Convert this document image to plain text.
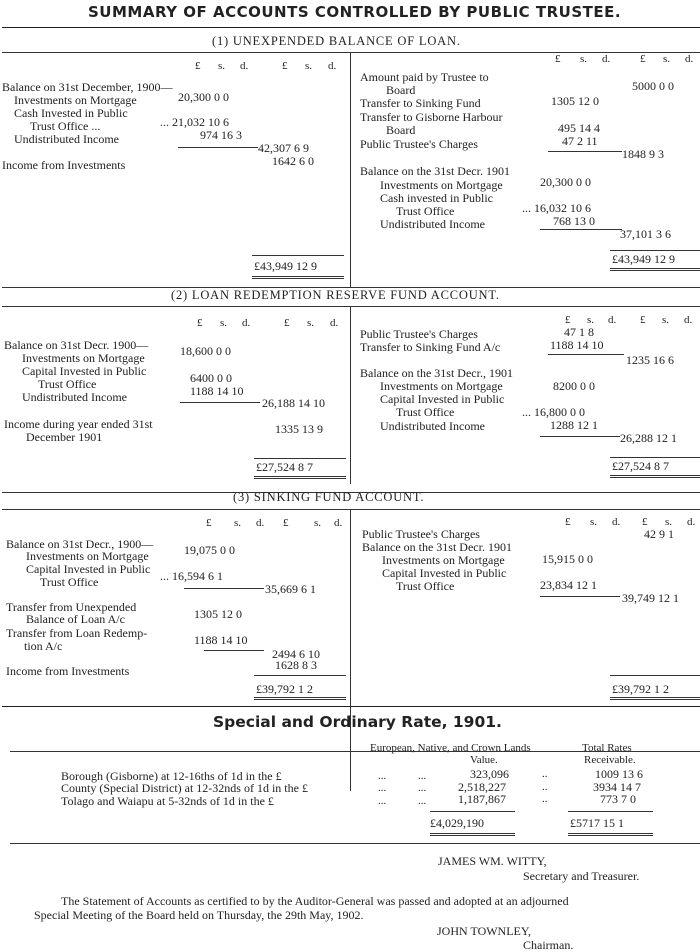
SUMMARY OF ACCOUNTS CONTROLLED BY PUBLIC TRUSTEE.
(1) UNEXPENDED BALANCE OF LOAN.
£ s. d.	£ s. d.
Balance on 31st December, 1900—
Investments on Mortgage	20,300 0 0
Cash Invested in Public
Trust Office ...	... 21,032 10 6
Undistributed Income	974 16 3
42,307 6 9
Income from Investments	1642 6 0
£43,949 12 9
£ s. d.	£ s. d.
Amount paid by Trustee to
Board	5000 0 0
Transfer to Sinking Fund	1305 12 0
Transfer to Gisborne Harbour
Board	495 14 4
Public Trustee's Charges	47 2 11
1848 9 3
Balance on the 31st Decr. 1901
Investments on Mortgage	20,300 0 0
Cash invested in Public
Trust Office	... 16,032 10 6
Undistributed Income	768 13 0
37,101 3 6
£43,949 12 9
(2) LOAN REDEMPTION RESERVE FUND ACCOUNT.
£ s. d.	£ s. d.
Balance on 31st Decr. 1900—
Investments on Mortgage	18,600 0 0
Capital Invested in Public
Trust Office	6400 0 0
Undistributed Income	1188 14 10
26,188 14 10
Income during year ended 31st
December 1901
1335 13 9
£27,524 8 7
£ s. d. £ s. d.
Public Trustee's Charges	47 1 8
Transfer to Sinking Fund A/c	1188 14 10
1235 16 6
Balance on the 31st Decr., 1901
Investments on Mortgage	8200 0 0
Capital Invested in Public
Trust Office	... 16,800 0 0
Undistributed Income	1288 12 1
26,288 12 1
£27,524 8 7
(3) SINKING FUND ACCOUNT.
£ s. d. £ s. d.
Balance on 31st Decr., 1900—
Investments on Mortgage	19,075 0 0
Capital Invested in Public
Trust Office	... 16,594 6 1
35,669 6 1
Transfer from Unexpended
Balance of Loan A/c	1305 12 0
Transfer from Loan Redemp-
tion A/c	1188 14 10
2494 6 10
Income from Investments	1628 8 3
£39,792 1 2
£ s. d. £ s. d.
Public Trustee's Charges	42 9 1
Balance on the 31st Decr. 1901
Investments on Mortgage	15,915 0 0
Capital Invested in Public
Trust Office	23,834 12 1
39,749 12 1
£39,792 1 2
Special and Ordinary Rate, 1901.
European, Native, and Crown Lands
Value.
Total Rates
Receivable.
Borough (Gisborne) at 12-16ths of 1d in the £	...	...	323,096	..	1009 13 6
County (Special District) at 12-32nds of 1d in the £	...	...	2,518,227	..	3934 14 7
Tolago and Waiapu at 5-32nds of 1d in the £	...	...	1,187,867	..	773 7 0
£4,029,190	£5717 15 1
JAMES WM. WITTY,
Secretary and Treasurer.
The Statement of Accounts as certified to by the Auditor-General was passed and adopted at an adjourned
Special Meeting of the Board held on Thursday, the 29th May, 1902.
JOHN TOWNLEY,
Chairman.
